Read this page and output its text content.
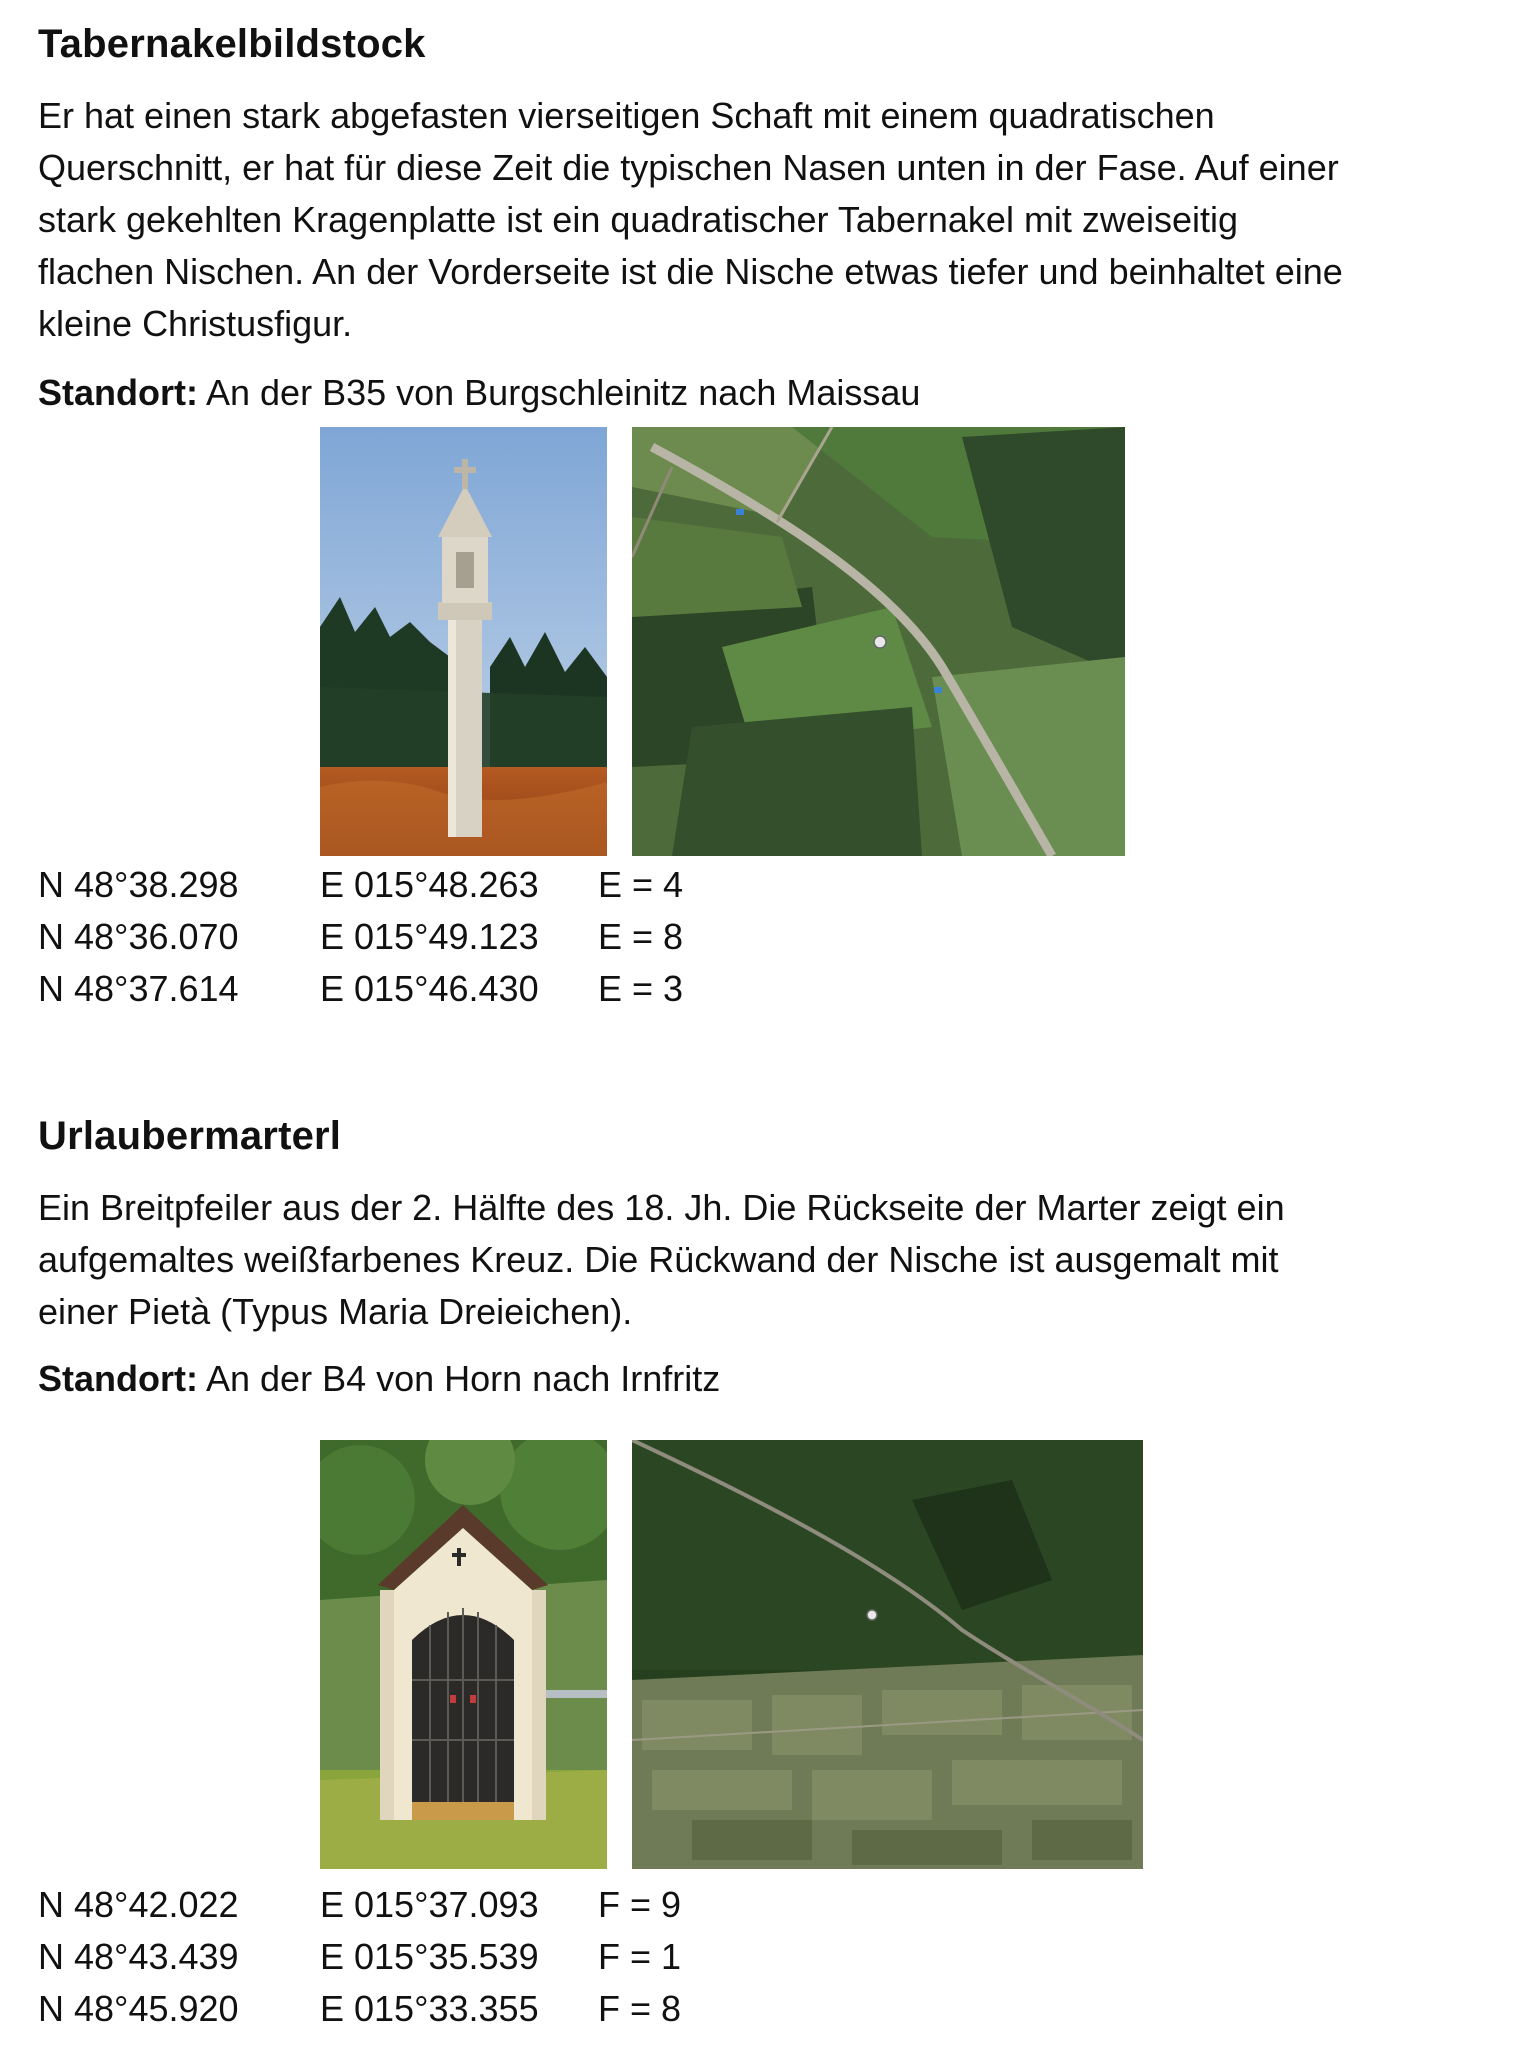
Tabernakelbildstock
Er hat einen stark abgefasten vierseitigen Schaft mit einem quadratischen
Querschnitt, er hat für diese Zeit die typischen Nasen unten in der Fase. Auf einer
stark gekehlten Kragenplatte ist ein quadratischer Tabernakel mit zweiseitig
flachen Nischen. An der Vorderseite ist die Nische etwas tiefer und beinhaltet eine
kleine Christusfigur.
Standort: An der B35 von Burgschleinitz nach Maissau
N 48°38.298 E 015°48.263 E = 4
N 48°36.070 E 015°49.123 E = 8
N 48°37.614 E 015°46.430 E = 3
Urlaubermarterl
Ein Breitpfeiler aus der 2. Hälfte des 18. Jh. Die Rückseite der Marter zeigt ein
aufgemaltes weißfarbenes Kreuz. Die Rückwand der Nische ist ausgemalt mit
einer Pietà (Typus Maria Dreieichen).
Standort: An der B4 von Horn nach Irnfritz
N 48°42.022 E 015°37.093 F = 9
N 48°43.439 E 015°35.539 F = 1
N 48°45.920 E 015°33.355 F = 8
